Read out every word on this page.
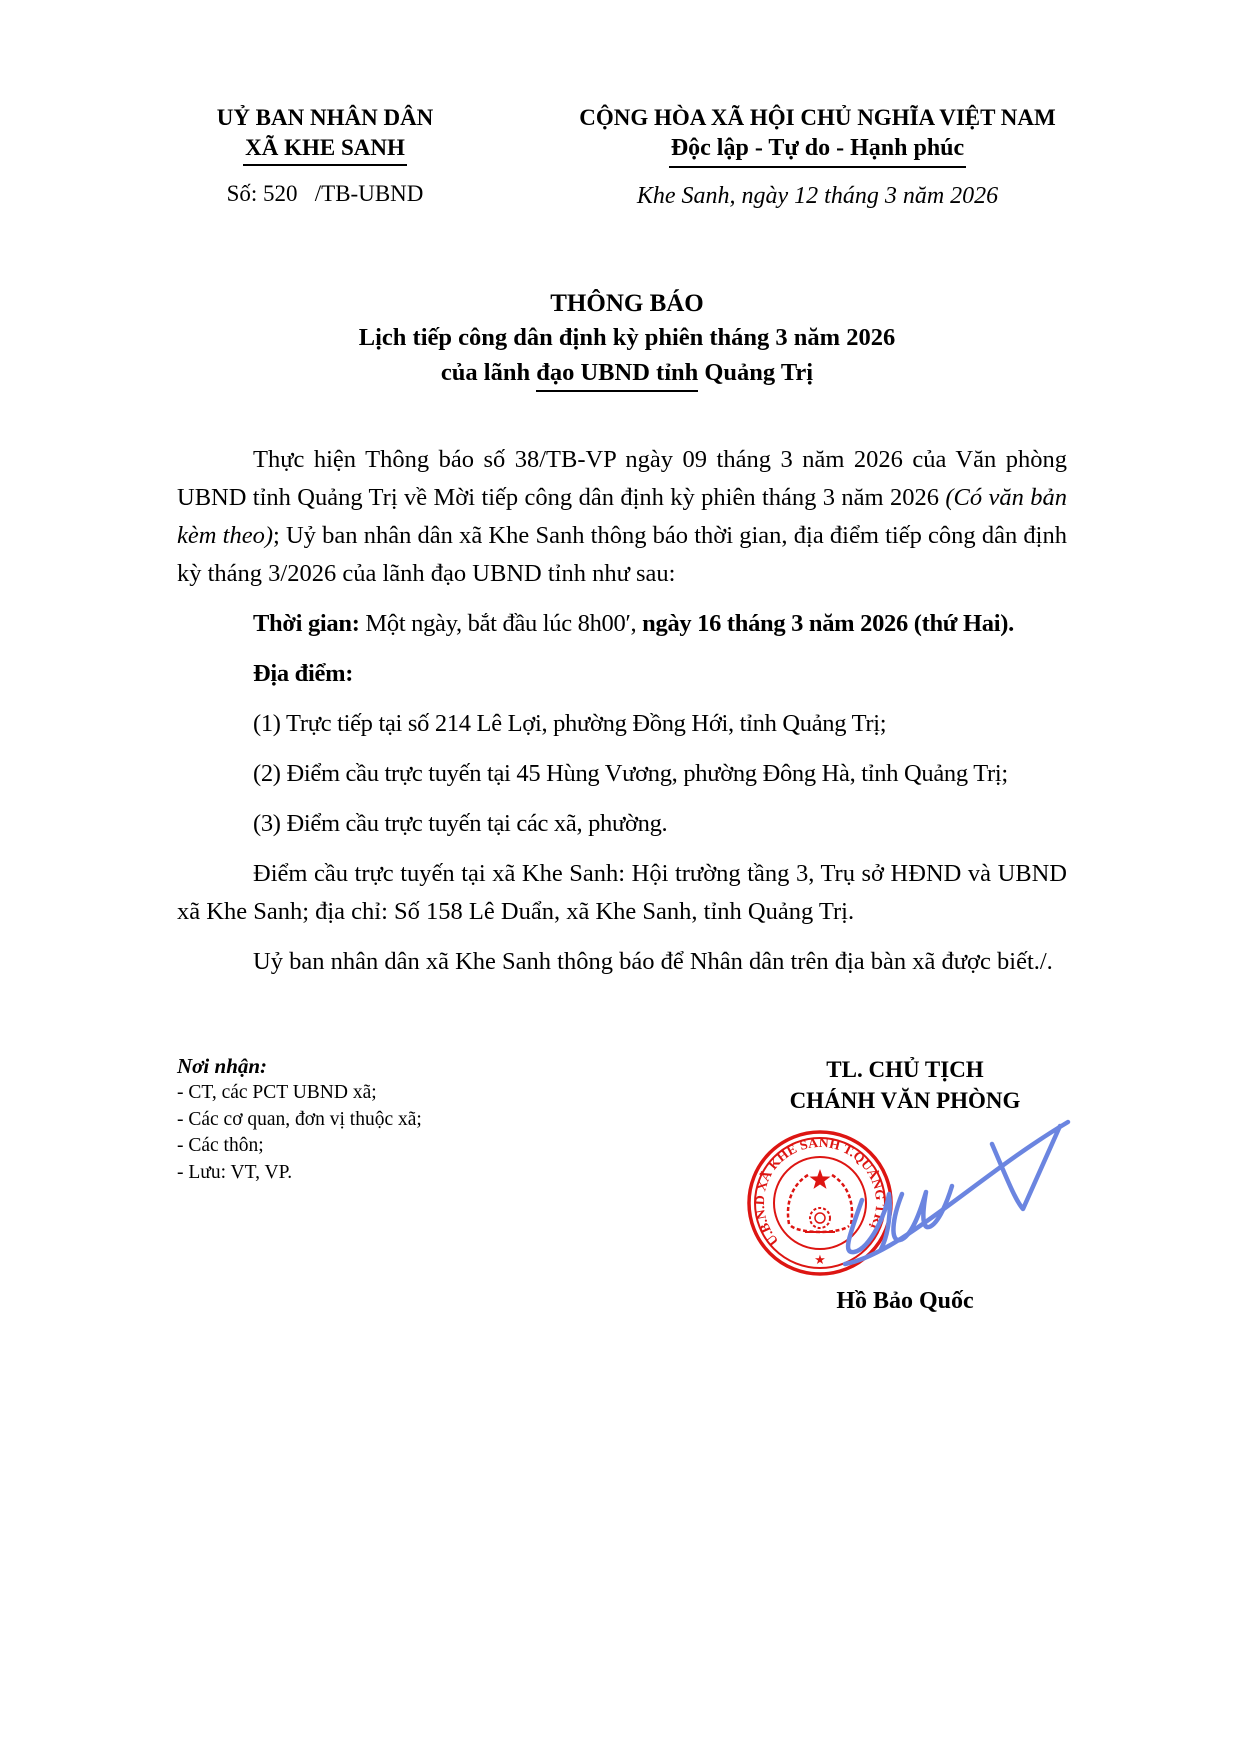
UỶ BAN NHÂN DÂN
XÃ KHE SANH
Số: 520   /TB-UBND
CỘNG HÒA XÃ HỘI CHỦ NGHĨA VIỆT NAM
Độc lập - Tự do - Hạnh phúc
Khe Sanh, ngày 12 tháng 3 năm 2026
THÔNG BÁO
Lịch tiếp công dân định kỳ phiên tháng 3 năm 2026
của lãnh đạo UBND tỉnh Quảng Trị

Thực hiện Thông báo số 38/TB-VP ngày 09 tháng 3 năm 2026 của Văn phòng UBND tỉnh Quảng Trị về Mời tiếp công dân định kỳ phiên tháng 3 năm 2026 (Có văn bản kèm theo); Uỷ ban nhân dân xã Khe Sanh thông báo thời gian, địa điểm tiếp công dân định kỳ tháng 3/2026 của lãnh đạo UBND tỉnh như sau:

Thời gian: Một ngày, bắt đầu lúc 8h00′, ngày 16 tháng 3 năm 2026 (thứ Hai).

Địa điểm:

(1) Trực tiếp tại số 214 Lê Lợi, phường Đồng Hới, tỉnh Quảng Trị;

(2) Điểm cầu trực tuyến tại 45 Hùng Vương, phường Đông Hà, tỉnh Quảng Trị;

(3) Điểm cầu trực tuyến tại các xã, phường.

Điểm cầu trực tuyến tại xã Khe Sanh: Hội trường tầng 3, Trụ sở HĐND và UBND xã Khe Sanh; địa chỉ: Số 158 Lê Duẩn, xã Khe Sanh, tỉnh Quảng Trị.

Uỷ ban nhân dân xã Khe Sanh thông báo để Nhân dân trên địa bàn xã được biết./.

Nơi nhận:
- CT, các PCT UBND xã;
- Các cơ quan, đơn vị thuộc xã;
- Các thôn;
- Lưu: VT, VP.
TL. CHỦ TỊCH
CHÁNH VĂN PHÒNG
U.B.N.D XÃ KHE SANH T.QUẢNG TRỊ
★
Hồ Bảo Quốc
